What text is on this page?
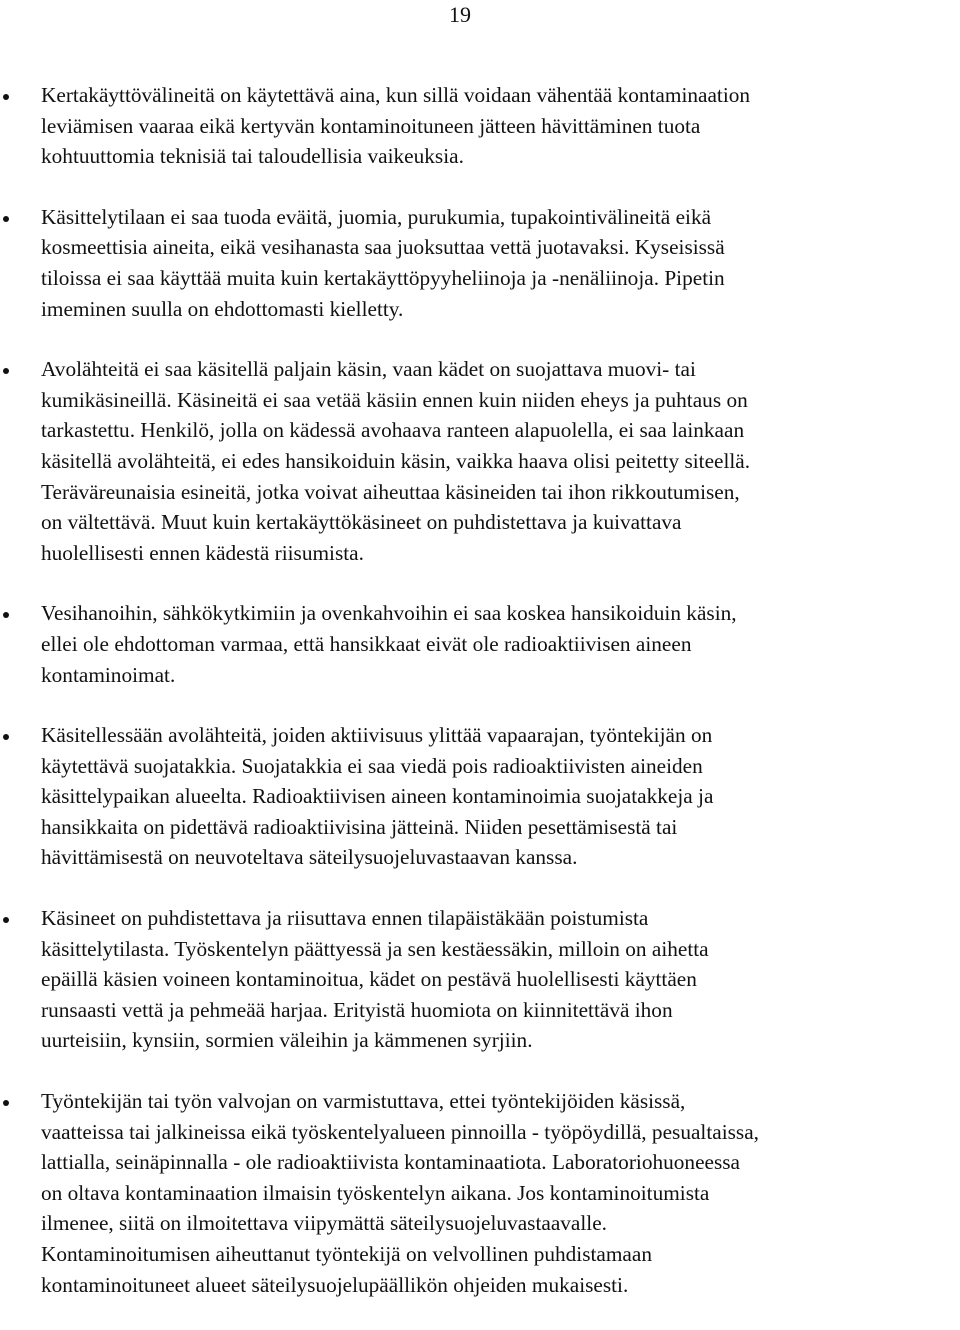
19
Kertakäyttövälineitä on käytettävä aina, kun sillä voidaan vähentää kontaminaation
leviämisen vaaraa eikä kertyvän kontaminoituneen jätteen hävittäminen tuota
kohtuuttomia teknisiä tai taloudellisia vaikeuksia.
Käsittelytilaan ei saa tuoda eväitä, juomia, purukumia, tupakointivälineitä eikä
kosmeettisia aineita, eikä vesihanasta saa juoksuttaa vettä juotavaksi. Kyseisissä
tiloissa ei saa käyttää muita kuin kertakäyttöpyyheliinoja ja -nenäliinoja. Pipetin
imeminen suulla on ehdottomasti kielletty.
Avolähteitä ei saa käsitellä paljain käsin, vaan kädet on suojattava muovi- tai
kumikäsineillä. Käsineitä ei saa vetää käsiin ennen kuin niiden eheys ja puhtaus on
tarkastettu. Henkilö, jolla on kädessä avohaava ranteen alapuolella, ei saa lainkaan
käsitellä avolähteitä, ei edes hansikoiduin käsin, vaikka haava olisi peitetty siteellä.
Teräväreunaisia esineitä, jotka voivat aiheuttaa käsineiden tai ihon rikkoutumisen,
on vältettävä. Muut kuin kertakäyttökäsineet on puhdistettava ja kuivattava
huolellisesti ennen kädestä riisumista.
Vesihanoihin, sähkökytkimiin ja ovenkahvoihin ei saa koskea hansikoiduin käsin,
ellei ole ehdottoman varmaa, että hansikkaat eivät ole radioaktiivisen aineen
kontaminoimat.
Käsitellessään avolähteitä, joiden aktiivisuus ylittää vapaarajan, työntekijän on
käytettävä suojatakkia. Suojatakkia ei saa viedä pois radioaktiivisten aineiden
käsittelypaikan alueelta. Radioaktiivisen aineen kontaminoimia suojatakkeja ja
hansikkaita on pidettävä radioaktiivisina jätteinä. Niiden pesettämisestä tai
hävittämisestä on neuvoteltava säteilysuojeluvastaavan kanssa.
Käsineet on puhdistettava ja riisuttava ennen tilapäistäkään poistumista
käsittelytilasta. Työskentelyn päättyessä ja sen kestäessäkin, milloin on aihetta
epäillä käsien voineen kontaminoitua, kädet on pestävä huolellisesti käyttäen
runsaasti vettä ja pehmeää harjaa. Erityistä huomiota on kiinnitettävä ihon
uurteisiin, kynsiin, sormien väleihin ja kämmenen syrjiin.
Työntekijän tai työn valvojan on varmistuttava, ettei työntekijöiden käsissä,
vaatteissa tai jalkineissa eikä työskentelyalueen pinnoilla - työpöydillä, pesualtaissa,
lattialla, seinäpinnalla - ole radioaktiivista kontaminaatiota. Laboratoriohuoneessa
on oltava kontaminaation ilmaisin työskentelyn aikana. Jos kontaminoitumista
ilmenee, siitä on ilmoitettava viipymättä säteilysuojeluvastaavalle.
Kontaminoitumisen aiheuttanut työntekijä on velvollinen puhdistamaan
kontaminoituneet alueet säteilysuojelupäällikön ohjeiden mukaisesti.
